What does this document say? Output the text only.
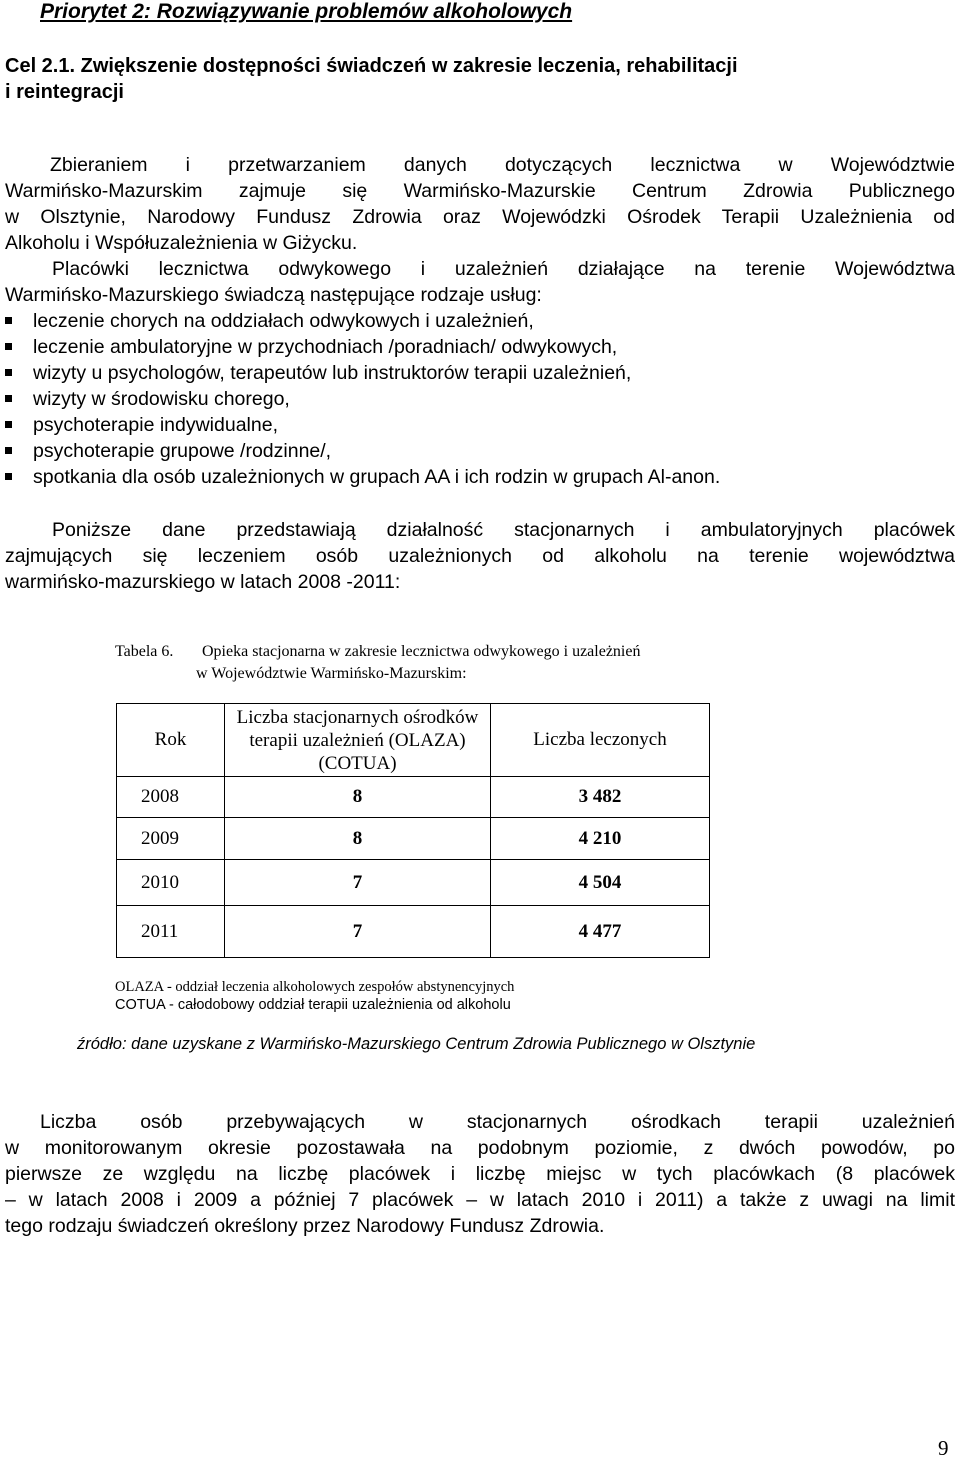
Priorytet 2: Rozwiązywanie problemów alkoholowych
Cel 2.1. Zwiększenie dostępności świadczeń w zakresie leczenia, rehabilitacji
i reintegracji
Zbieraniem i przetwarzaniem danych dotyczących lecznictwa w Województwie
Warmińsko-Mazurskim zajmuje się Warmińsko-Mazurskie Centrum Zdrowia Publicznego
w Olsztynie, Narodowy Fundusz Zdrowia oraz Wojewódzki Ośrodek Terapii Uzależnienia od
Alkoholu i Współuzależnienia w Giżycku.
Placówki lecznictwa odwykowego i uzależnień działające na terenie Województwa
Warmińsko-Mazurskiego świadczą następujące rodzaje usług:
leczenie chorych na oddziałach odwykowych i uzależnień,
leczenie ambulatoryjne w przychodniach /poradniach/ odwykowych,
wizyty u psychologów, terapeutów lub instruktorów terapii uzależnień,
wizyty w środowisku chorego,
psychoterapie indywidualne,
psychoterapie grupowe /rodzinne/,
spotkania dla osób uzależnionych w grupach AA i ich rodzin w grupach Al-anon.
Poniższe dane przedstawiają działalność stacjonarnych i ambulatoryjnych placówek
zajmujących się leczeniem osób uzależnionych od alkoholu na terenie województwa
warmińsko-mazurskiego w latach 2008 -2011:
Tabela 6. Opieka stacjonarna w zakresie lecznictwa odwykowego i uzależnień
w Województwie Warmińsko-Mazurskim:
Rok	Liczba stacjonarnych ośrodków
terapii uzależnień (OLAZA)
(COTUA)	Liczba leczonych
2008	8	3 482
2009	8	4 210
2010	7	4 504
2011	7	4 477
OLAZA - oddział leczenia alkoholowych zespołów abstynencyjnych
COTUA - całodobowy oddział terapii uzależnienia od alkoholu
źródło: dane uzyskane z Warmińsko-Mazurskiego Centrum Zdrowia Publicznego w Olsztynie
Liczba osób przebywających w stacjonarnych ośrodkach terapii uzależnień
w monitorowanym okresie pozostawała na podobnym poziomie, z dwóch powodów, po
pierwsze ze względu na liczbę placówek i liczbę miejsc w tych placówkach (8 placówek
– w latach 2008 i 2009 a później 7 placówek – w latach 2010 i 2011) a także z uwagi na limit
tego rodzaju świadczeń określony przez Narodowy Fundusz Zdrowia.
9
